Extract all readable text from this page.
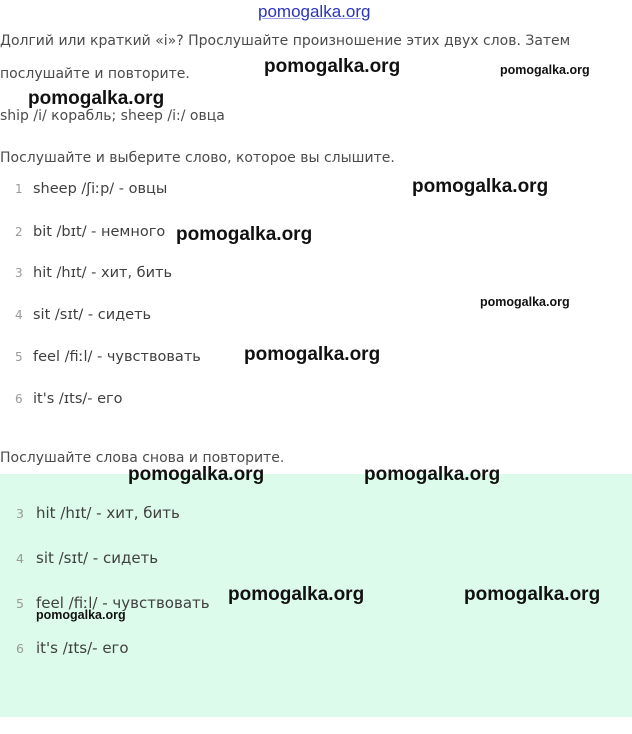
pomogalka.org
Долгий или краткий «i»? Прослушайте произношение этих двух слов. Затем
послушайте и повторите.
ship /i/ корабль; sheep /i:/ овца
Послушайте и выберите слово, которое вы слышите.
1 sheep /ʃiːp/ - овцы
2 bit /bɪt/ - немного
3 hit /hɪt/ - хит, бить
4 sit /sɪt/ - сидеть
5 feel /fiːl/ - чувствовать
6 it's /ɪts/- его
Послушайте слова снова и повторите.
3 hit /hɪt/ - хит, бить
4 sit /sɪt/ - сидеть
5 feel /fiːl/ - чувствовать
6 it's /ɪts/- его
pomogalka.org	pomogalka.org
pomogalka.org
pomogalka.org
pomogalka.org
pomogalka.org
pomogalka.org
pomogalka.org	pomogalka.org
pomogalka.org	pomogalka.org
pomogalka.org
